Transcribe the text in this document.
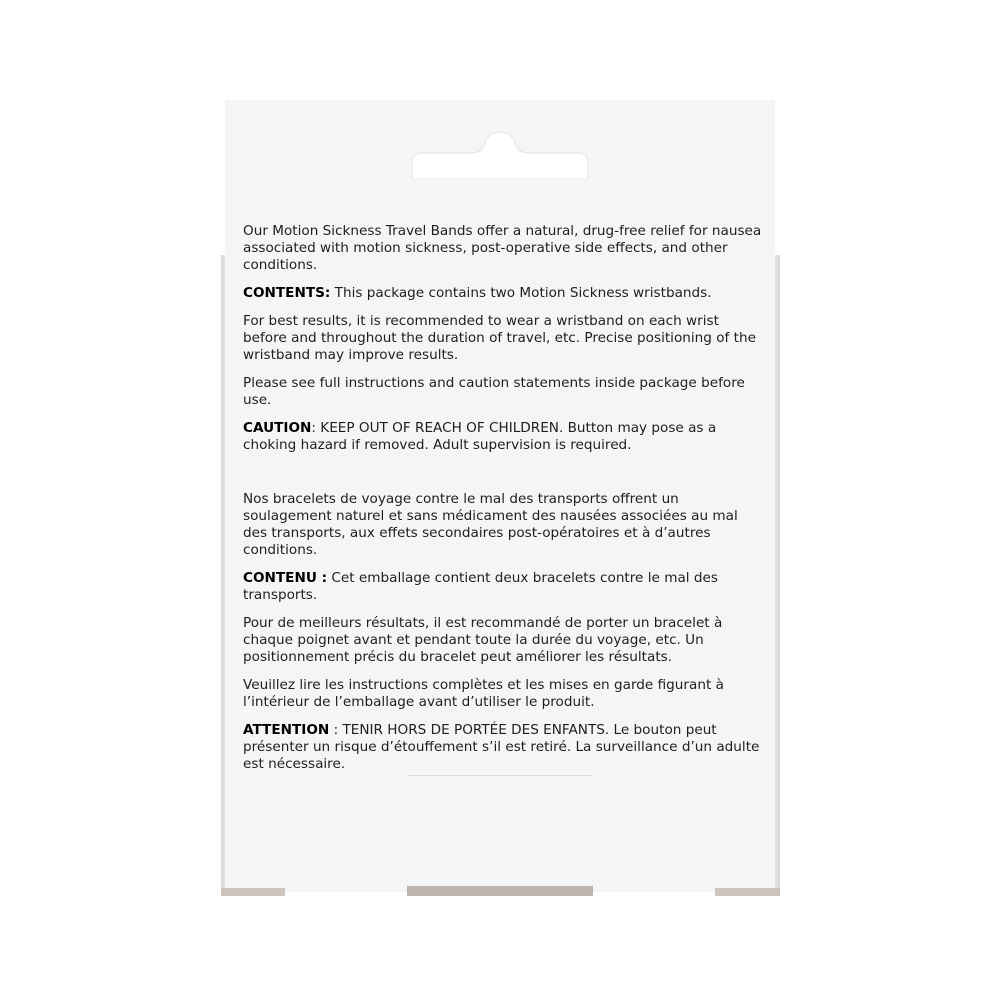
Our Motion Sickness Travel Bands offer a natural, drug-free relief for nausea associated with motion sickness, post-operative side effects, and other conditions.

CONTENTS: This package contains two Motion Sickness wristbands.

For best results, it is recommended to wear a wristband on each wrist before and throughout the duration of travel, etc. Precise positioning of the wristband may improve results.

Please see full instructions and caution statements inside package before use.

CAUTION: KEEP OUT OF REACH OF CHILDREN. Button may pose as a choking hazard if removed. Adult supervision is required.

Nos bracelets de voyage contre le mal des transports offrent un soulagement naturel et sans médicament des nausées associées au mal des transports, aux effets secondaires post-opératoires et à d’autres conditions.

CONTENU : Cet emballage contient deux bracelets contre le mal des transports.

Pour de meilleurs résultats, il est recommandé de porter un bracelet à chaque poignet avant et pendant toute la durée du voyage, etc. Un positionnement précis du bracelet peut améliorer les résultats.

Veuillez lire les instructions complètes et les mises en garde figurant à l’intérieur de l’emballage avant d’utiliser le produit.

ATTENTION : TENIR HORS DE PORTÉE DES ENFANTS. Le bouton peut présenter un risque d’étouffement s’il est retiré. La surveillance d’un adulte est nécessaire.
